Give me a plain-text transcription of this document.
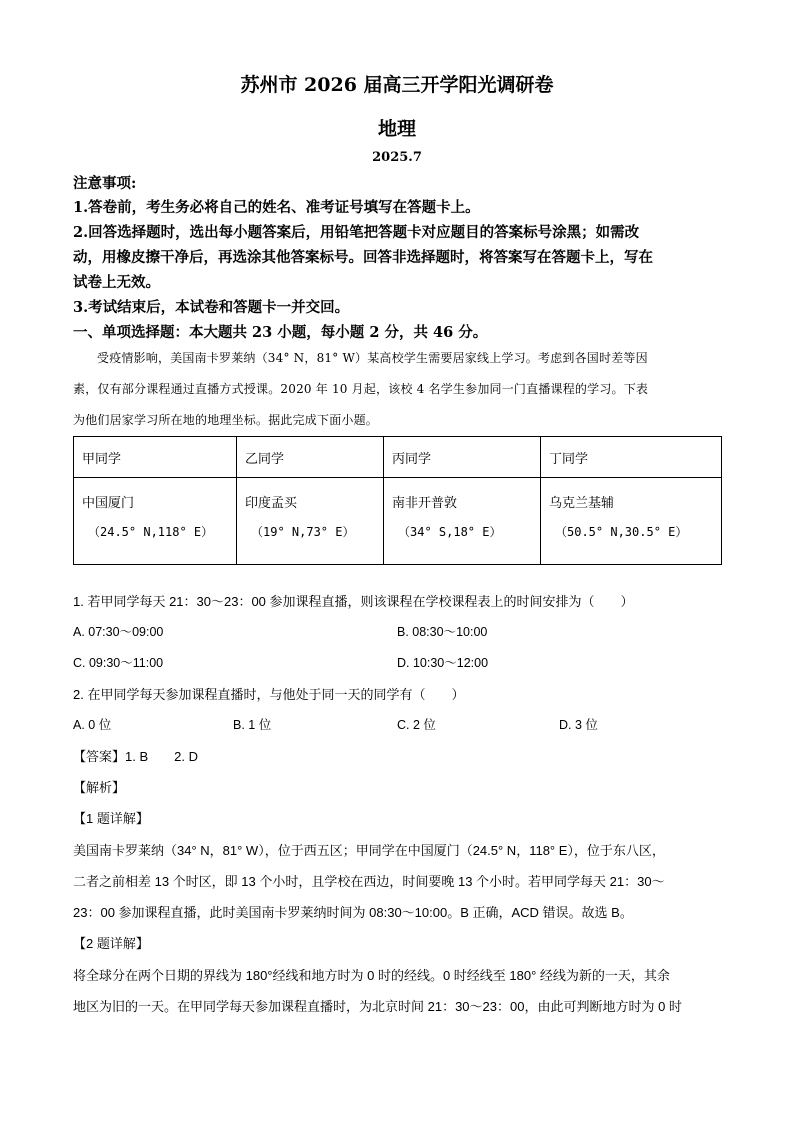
苏州市 2026 届高三开学阳光调研卷
地理
2025.7
注意事项:
1.答卷前，考生务必将自己的姓名、准考证号填写在答题卡上。
2.回答选择题时，选出每小题答案后，用铅笔把答题卡对应题目的答案标号涂黑；如需改
动，用橡皮擦干净后，再选涂其他答案标号。回答非选择题时，将答案写在答题卡上，写在
试卷上无效。
3.考试结束后，本试卷和答题卡一并交回。
一、单项选择题：本大题共 23 小题，每小题 2 分，共 46 分。
受疫情影响，美国南卡罗莱纳（34° N，81° W）某高校学生需要居家线上学习。考虑到各国时差等因
素，仅有部分课程通过直播方式授课。2020 年 10 月起，该校 4 名学生参加同一门直播课程的学习。下表
为他们居家学习所在地的地理坐标。据此完成下面小题。
甲同学	乙同学	丙同学	丁同学
中国厦门
（24.5° N,118° E）	印度孟买
（19° N,73° E）	南非开普敦
（34° S,18° E）	乌克兰基辅
（50.5° N,30.5° E）
1. 若甲同学每天 21：30～23：00 参加课程直播，则该课程在学校课程表上的时间安排为（　　）
A. 07:30～09:00	B. 08:30～10:00
C. 09:30～11:00	D. 10:30～12:00
2. 在甲同学每天参加课程直播时，与他处于同一天的同学有（　　）
A. 0 位	B. 1 位	C. 2 位	D. 3 位
【答案】1. B　　2. D
【解析】
【1 题详解】
美国南卡罗莱纳（34° N，81° W），位于西五区；甲同学在中国厦门（24.5° N，118° E），位于东八区，
二者之前相差 13 个时区，即 13 个小时，且学校在西边，时间要晚 13 个小时。若甲同学每天 21：30～
23：00 参加课程直播，此时美国南卡罗莱纳时间为 08:30～10:00。B 正确，ACD 错误。故选 B。
【2 题详解】
将全球分在两个日期的界线为 180°经线和地方时为 0 时的经线。0 时经线至 180° 经线为新的一天，其余
地区为旧的一天。在甲同学每天参加课程直播时，为北京时间 21：30～23：00，由此可判断地方时为 0 时
